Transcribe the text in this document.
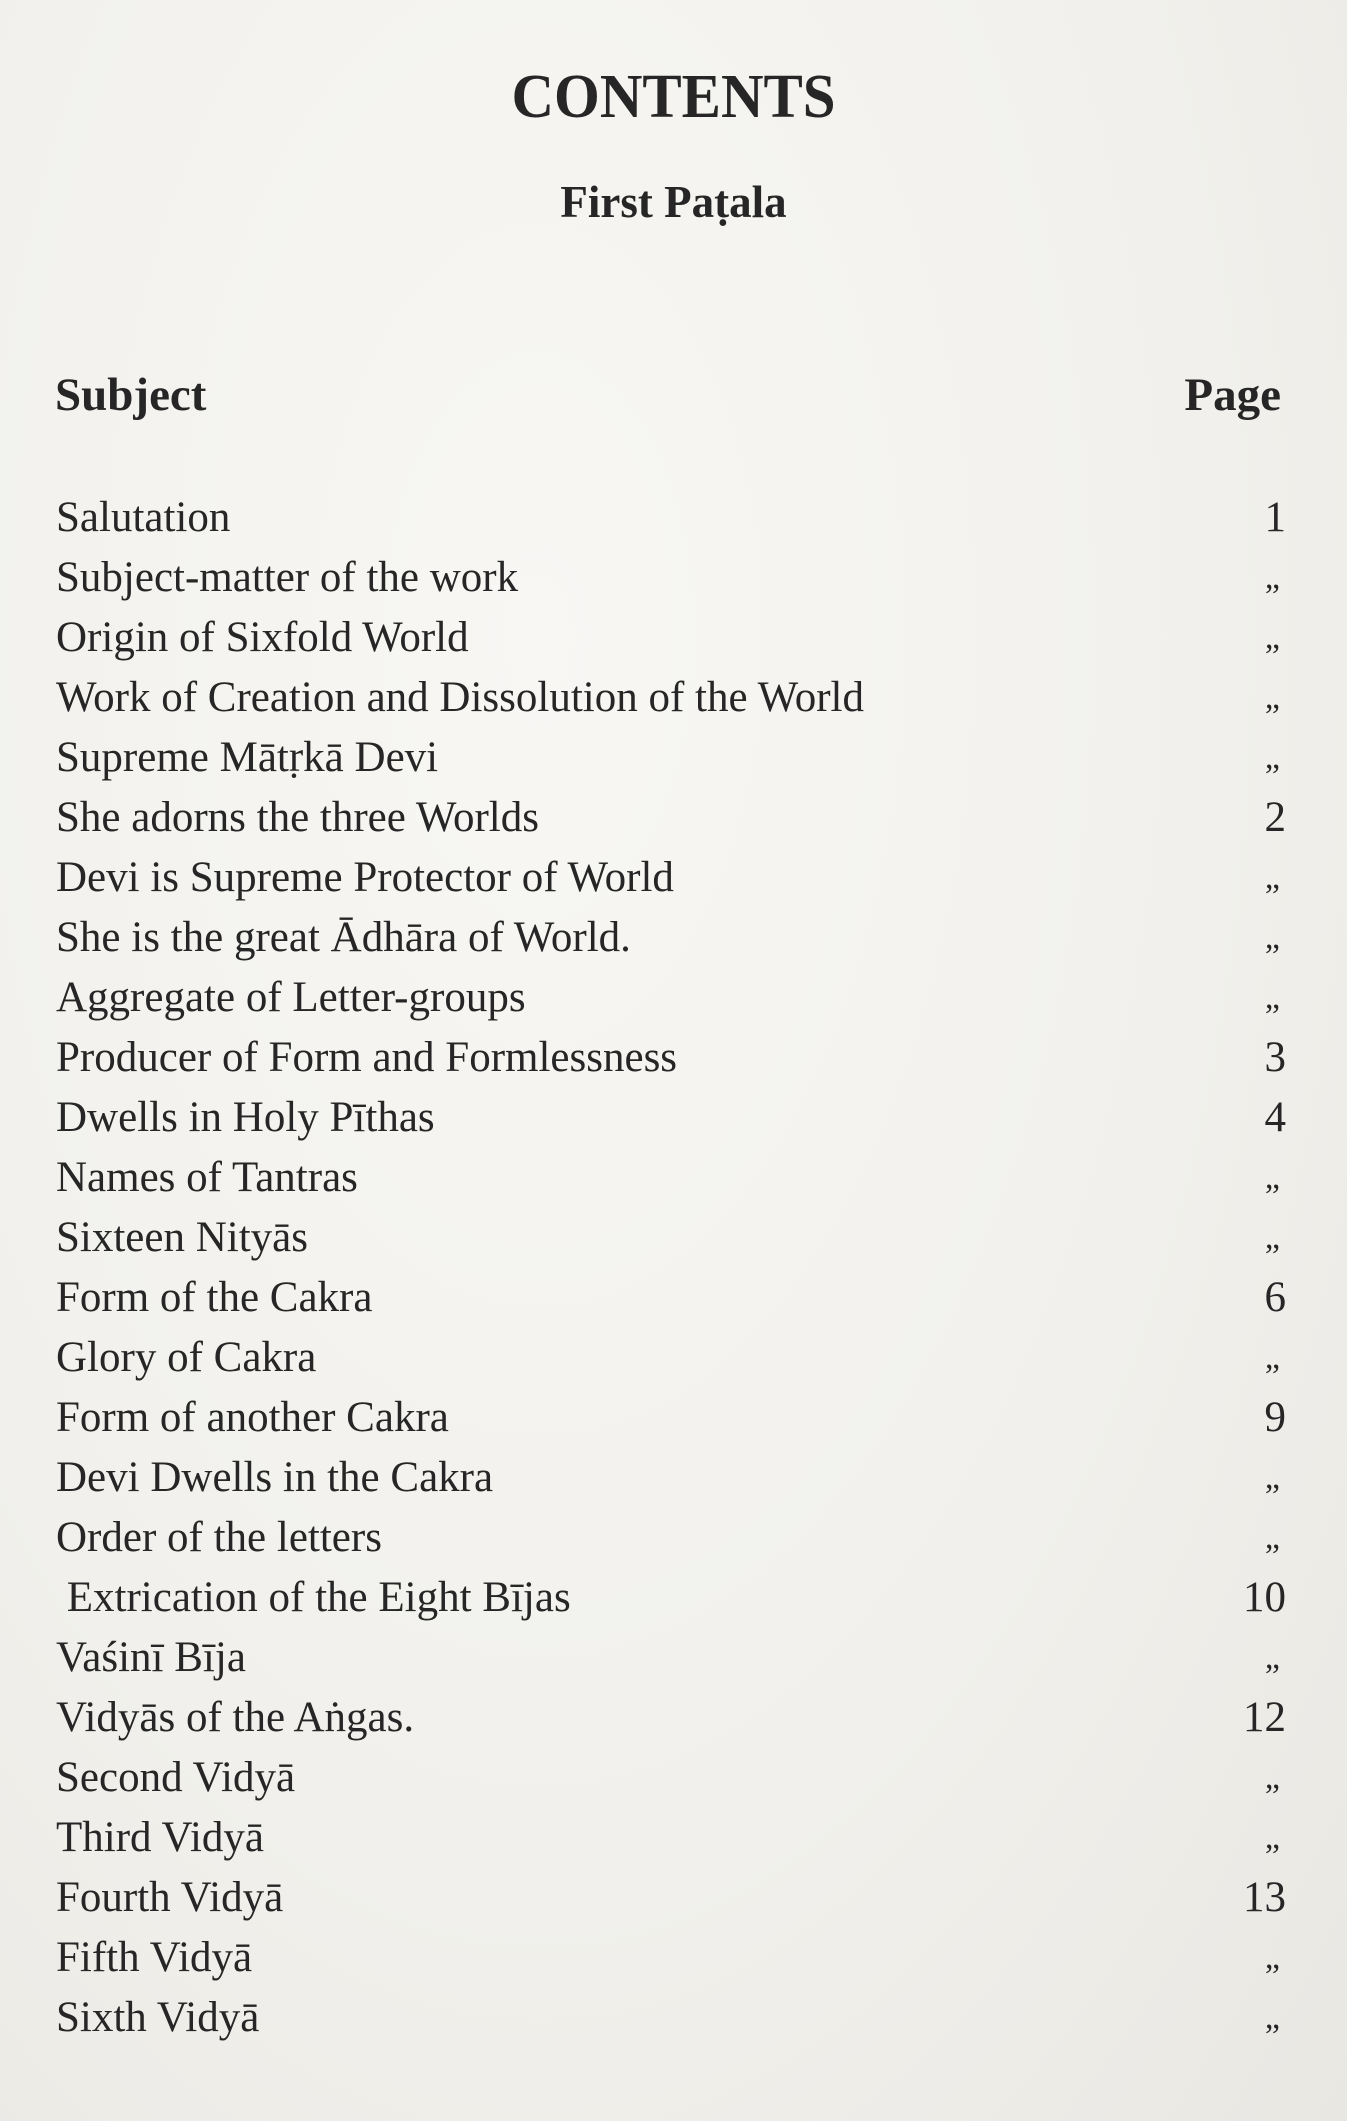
CONTENTS
First Paṭala
Subject	Page
Salutation	1
Subject-matter of the work	„
Origin of Sixfold World	„
Work of Creation and Dissolution of the World	„
Supreme Mātṛkā Devi	„
She adorns the three Worlds	2
Devi is Supreme Protector of World	„
She is the great Ādhāra of World.	„
Aggregate of Letter-groups	„
Producer of Form and Formlessness	3
Dwells in Holy Pīthas	4
Names of Tantras	„
Sixteen Nityās	„
Form of the Cakra	6
Glory of Cakra	„
Form of another Cakra	9
Devi Dwells in the Cakra	„
Order of the letters	„
Extrication of the Eight Bījas	10
Vaśinī Bīja	„
Vidyās of the Aṅgas.	12
Second Vidyā	„
Third Vidyā	„
Fourth Vidyā	13
Fifth Vidyā	„
Sixth Vidyā	„
